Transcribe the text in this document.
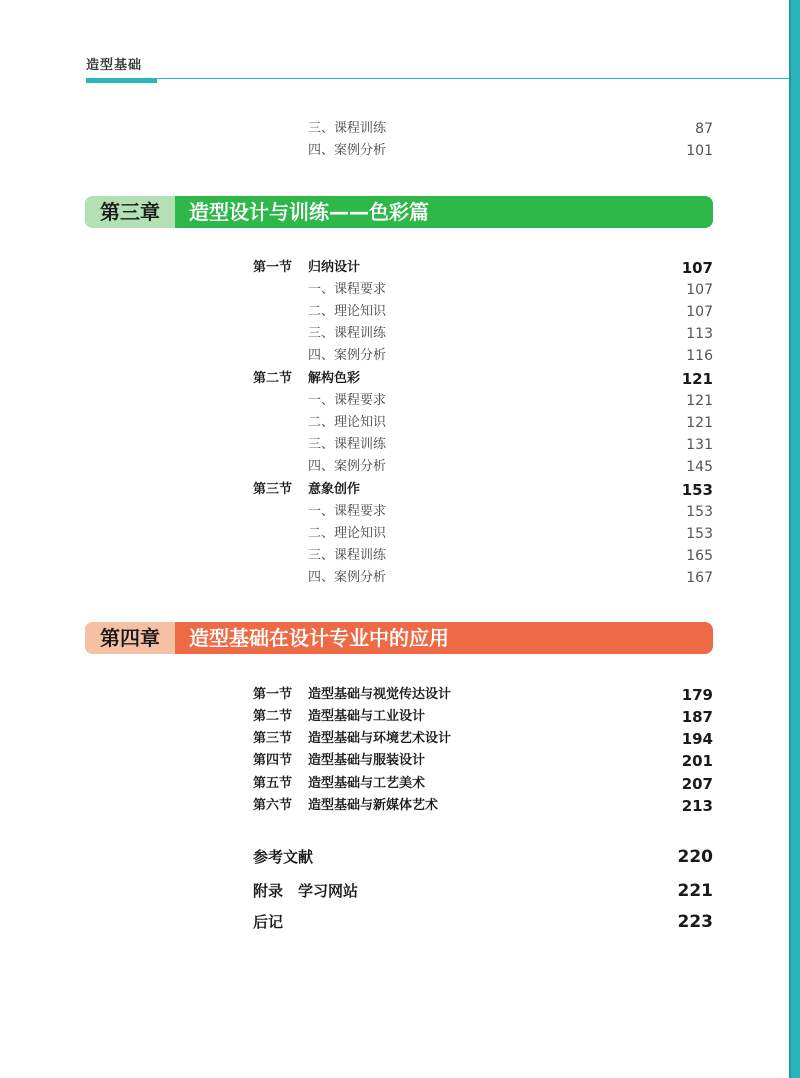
造型基础
三、课程训练	87
四、案例分析	101
第三章	造型设计与训练——色彩篇
第一节 归纳设计	107
一、课程要求	107
二、理论知识	107
三、课程训练	113
四、案例分析	116
第二节 解构色彩	121
一、课程要求	121
二、理论知识	121
三、课程训练	131
四、案例分析	145
第三节 意象创作	153
一、课程要求	153
二、理论知识	153
三、课程训练	165
四、案例分析	167
第四章	造型基础在设计专业中的应用
第一节 造型基础与视觉传达设计	179
第二节 造型基础与工业设计	187
第三节 造型基础与环境艺术设计	194
第四节 造型基础与服装设计	201
第五节 造型基础与工艺美术	207
第六节 造型基础与新媒体艺术	213
参考文献	220
附录　学习网站	221
后记	223
